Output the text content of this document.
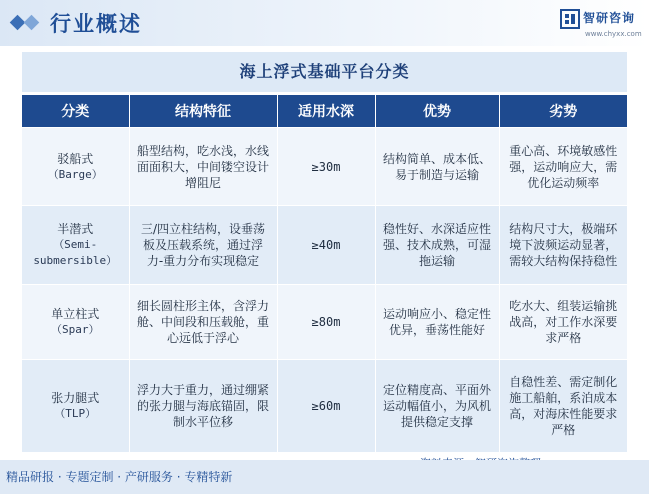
行业概述	智研咨询
www.chyxx.com
海上浮式基础平台分类
分类	结构特征	适用水深	优势	劣势

驳船式
（Barge）	船型结构，吃水浅，水线面面积大，中间镂空设计增阻尼	≥30m	结构简单、成本低、易于制造与运输	重心高、环境敏感性强，运动响应大，需优化运动频率

半潜式
（Semi-submersible）	三/四立柱结构，设垂荡板及压载系统，通过浮力-重力分布实现稳定	≥40m	稳性好、水深适应性强、技术成熟，可湿拖运输	结构尺寸大，极端环境下波频运动显著，需较大结构保持稳性

单立柱式
（Spar）	细长圆柱形主体，含浮力舱、中间段和压载舱，重心远低于浮心	≥80m	运动响应小、稳定性优异，垂荡性能好	吃水大、组装运输挑战高，对工作水深要求严格

张力腿式
（TLP）	浮力大于重力，通过绷紧的张力腿与海底锚固，限制水平位移	≥60m	定位精度高、平面外运动幅值小，为风机提供稳定支撑	自稳性差、需定制化施工船舶，系泊成本高，对海床性能要求严格
精品研报 · 专题定制 · 产研服务 · 专精特新
